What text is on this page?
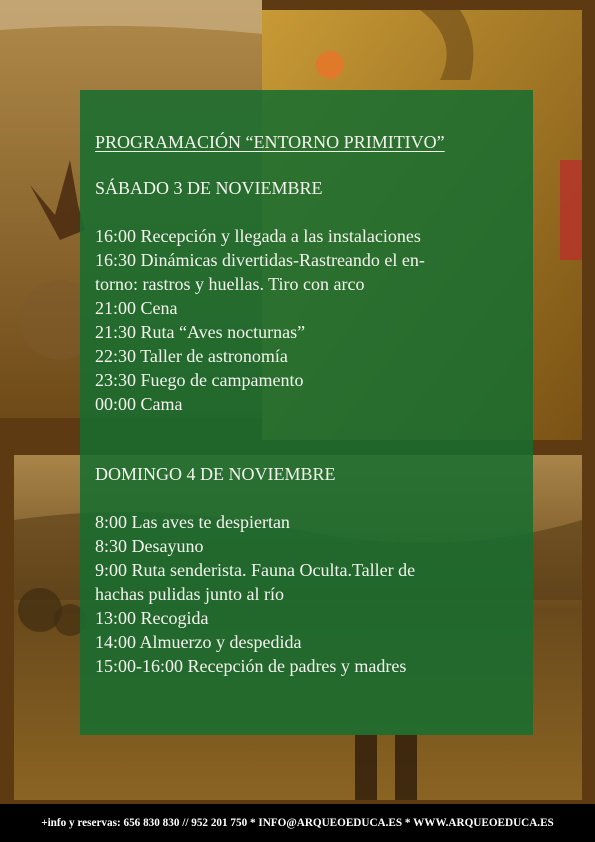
PROGRAMACIÓN “ENTORNO PRIMITIVO”
SÁBADO 3 DE NOVIEMBRE

16:00 Recepción y llegada a las instalaciones

16:30 Dinámicas divertidas-Rastreando el en-

torno: rastros y huellas. Tiro con arco

21:00 Cena

21:30 Ruta “Aves nocturnas”

22:30 Taller de astronomía

23:30 Fuego de campamento

00:00 Cama

DOMINGO 4 DE NOVIEMBRE

8:00 Las aves te despiertan

8:30 Desayuno

9:00 Ruta senderista. Fauna Oculta.Taller de

hachas pulidas junto al río

13:00 Recogida

14:00 Almuerzo y despedida

15:00-16:00 Recepción de padres y madres

+info y reservas: 656 830 830 // 952 201 750 * INFO@ARQUEOEDUCA.ES * WWW.ARQUEOEDUCA.ES
